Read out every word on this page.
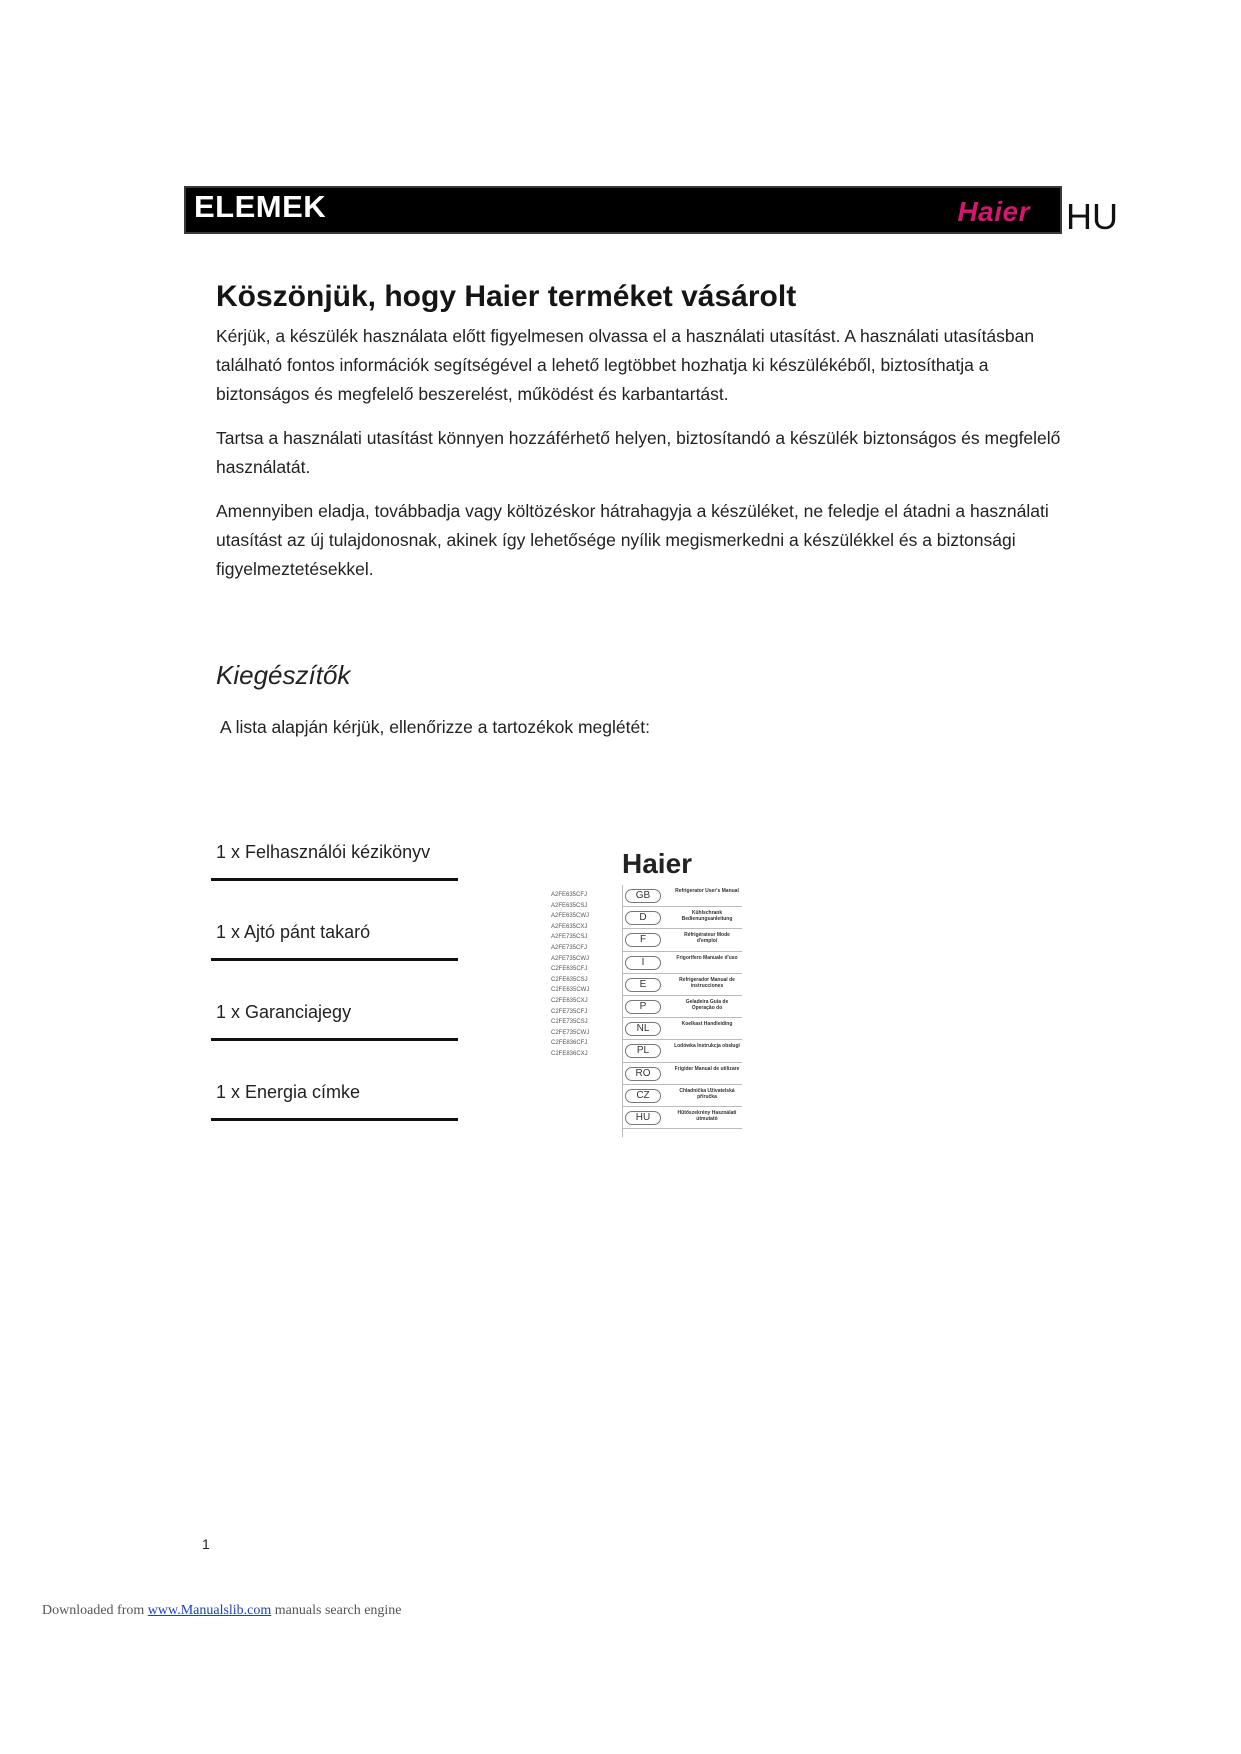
ELEMEK	Haier HU
Köszönjük, hogy Haier terméket vásárolt
Kérjük, a készülék használata előtt figyelmesen olvassa el a használati utasítást. A használati utasításban található fontos információk segítségével a lehető legtöbbet hozhatja ki készülékéből, biztosíthatja a biztonságos és megfelelő beszerelést, működést és karbantartást.
Tartsa a használati utasítást könnyen hozzáférhető helyen, biztosítandó a készülék biztonságos és megfelelő használatát.
Amennyiben eladja, továbbadja vagy költözéskor hátrahagyja a készüléket, ne feledje el átadni a használati utasítást az új tulajdonosnak, akinek így lehetősége nyílik megismerkedni a készülékkel és a biztonsági figyelmeztetésekkel.
Kiegészítők
A lista alapján kérjük, ellenőrizze a tartozékok meglétét:
1 x Felhasználói kézikönyv
1 x Ajtó pánt takaró
1 x Garanciajegy
1 x Energia címke
Haier
A2FE635CFJ
A2FE635CSJ
A2FE635CWJ
A2FE635CXJ
A2FE735CSJ
A2FE735CFJ
A2FE735CWJ
C2FE635CFJ
C2FE635CSJ
C2FE635CWJ
C2FE635CXJ
C2FE735CFJ
C2FE735CSJ
C2FE735CWJ
C2FE836CFJ
C2FE836CXJ
GB	Refrigerator User's Manual
D	Kühlschrank Bedienungsanleitung
F	Réfrigérateur Mode d'emploi
I	Frigorifero Manuale d'uso
E	Refrigerador Manual de instrucciones
P	Geladeira Guia de Operação do
NL	Koelkast Handleiding
PL	Lodówka Instrukcja obsługi
RO	Frigider Manual de utilizare
CZ	Chladnička Uživatelská příručka
HU	Hűtőszekrény Használati útmutató
1
Downloaded from www.Manualslib.com manuals search engine
